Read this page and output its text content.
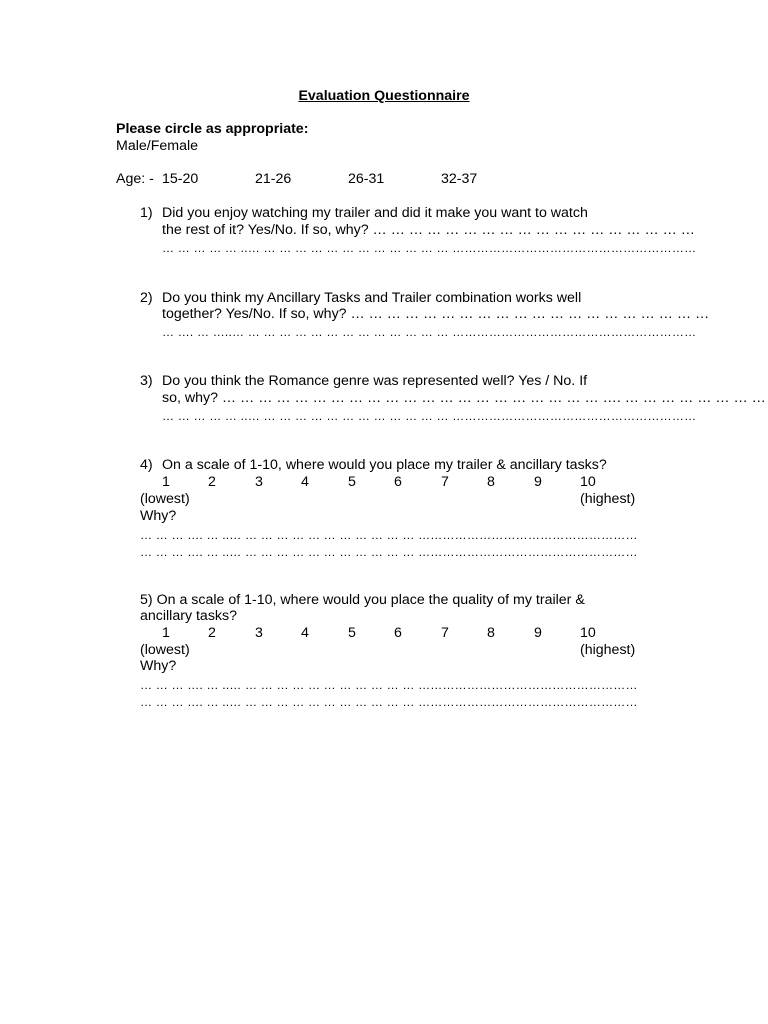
Evaluation Questionnaire
Please circle as appropriate:
Male/Female
Age: - 15-20	21-26	26-31	32-37
1) Did you enjoy watching my trailer and did it make you want to watch
the rest of it? Yes/No. If so, why? … … … … … … … … … … … … … … … … … …
… … … … … ..… … … … … … … … … … … … … ……………………………………………………
2) Do you think my Ancillary Tasks and Trailer combination works well
together? Yes/No. If so, why? … … … … … … … … … … … … … … … … … … … …
… …. … …..… … … … … … … … … … … … … … ……………………………………………………
3) Do you think the Romance genre was represented well? Yes / No. If
so, why? … … … … … … … … … … … … … … … … … … … … … …. … … … … … … … …
… … … … … ..… … … … … … … … … … … … … ……………………………………………………
4) On a scale of 1-10, where would you place my trailer & ancillary tasks?
1	2	3	4	5	6	7	8	9	10
(lowest)	(highest)
Why?
… … … …. … ..… … … … … … … … … … … … ………………………………………………
… … … …. … ..… … … … … … … … … … … … ………………………………………………
5) On a scale of 1-10, where would you place the quality of my trailer &
ancillary tasks?
1	2	3	4	5	6	7	8	9	10
(lowest)	(highest)
Why?
… … … …. … ..… … … … … … … … … … … … ………………………………………………
… … … …. … ..… … … … … … … … … … … … ………………………………………………
